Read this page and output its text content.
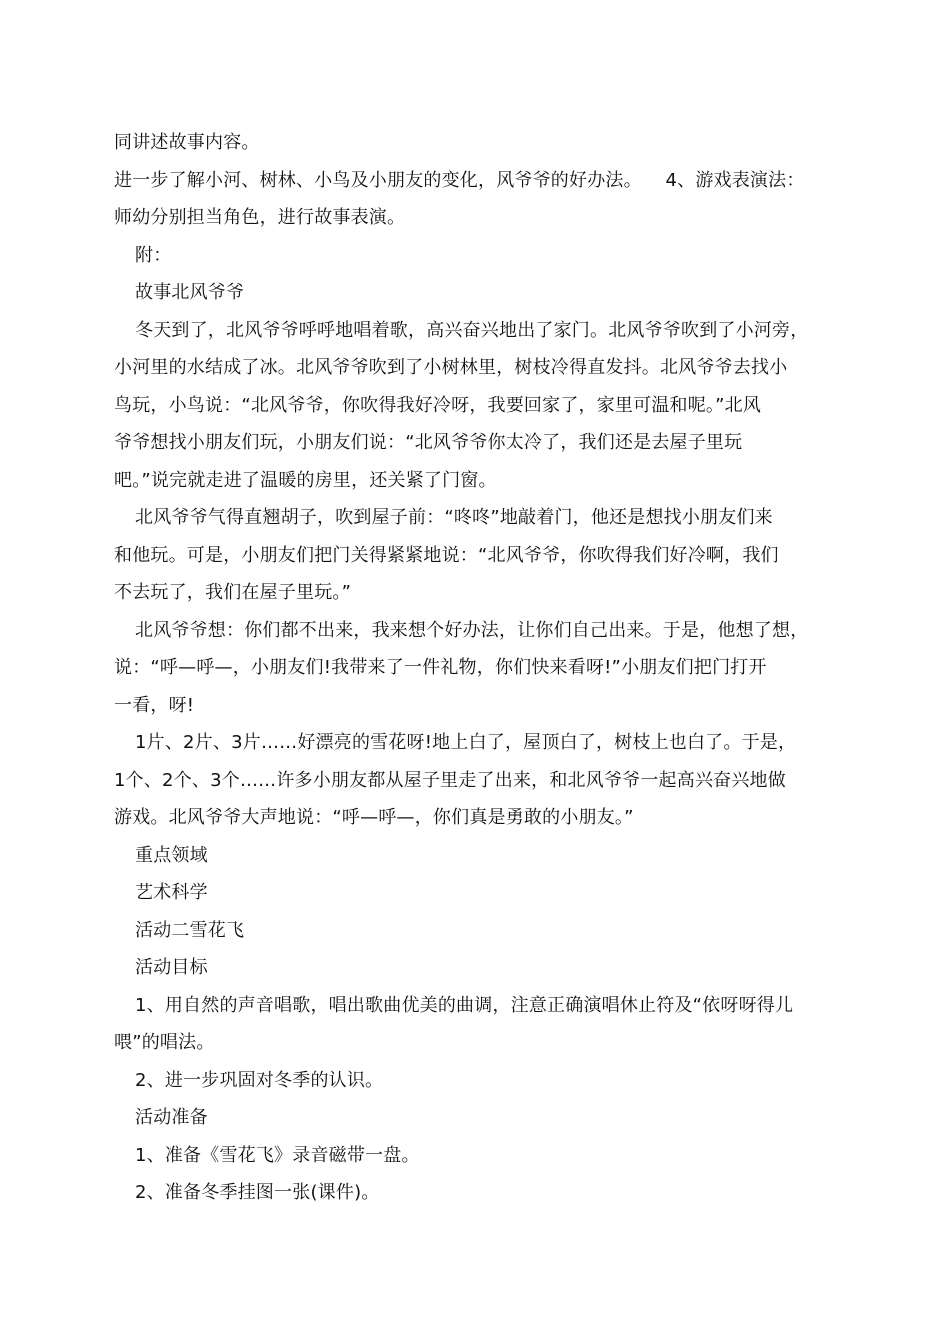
同讲述故事内容。
进一步了解小河、树林、小鸟及小朋友的变化，风爷爷的好办法。    4、游戏表演法：
师幼分别担当角色，进行故事表演。
附：
故事北风爷爷
冬天到了，北风爷爷呼呼地唱着歌，高兴奋兴地出了家门。北风爷爷吹到了小河旁，
小河里的水结成了冰。北风爷爷吹到了小树林里，树枝冷得直发抖。北风爷爷去找小
鸟玩，小鸟说：“北风爷爷，你吹得我好冷呀，我要回家了，家里可温和呢。”北风
爷爷想找小朋友们玩，小朋友们说：“北风爷爷你太冷了，我们还是去屋子里玩
吧。”说完就走进了温暖的房里，还关紧了门窗。
北风爷爷气得直翘胡子，吹到屋子前：“咚咚”地敲着门，他还是想找小朋友们来
和他玩。可是，小朋友们把门关得紧紧地说：“北风爷爷，你吹得我们好冷啊，我们
不去玩了，我们在屋子里玩。”
北风爷爷想：你们都不出来，我来想个好办法，让你们自己出来。于是，他想了想，
说：“呼—呼—，小朋友们!我带来了一件礼物，你们快来看呀!”小朋友们把门打开
一看，呀!
1片、2片、3片……好漂亮的雪花呀!地上白了，屋顶白了，树枝上也白了。于是，
1个、2个、3个……许多小朋友都从屋子里走了出来，和北风爷爷一起高兴奋兴地做
游戏。北风爷爷大声地说：“呼—呼—，你们真是勇敢的小朋友。”
重点领域
艺术科学
活动二雪花飞
活动目标
1、用自然的声音唱歌，唱出歌曲优美的曲调，注意正确演唱休止符及“依呀呀得儿
喂”的唱法。
2、进一步巩固对冬季的认识。
活动准备
1、准备《雪花飞》录音磁带一盘。
2、准备冬季挂图一张(课件)。
